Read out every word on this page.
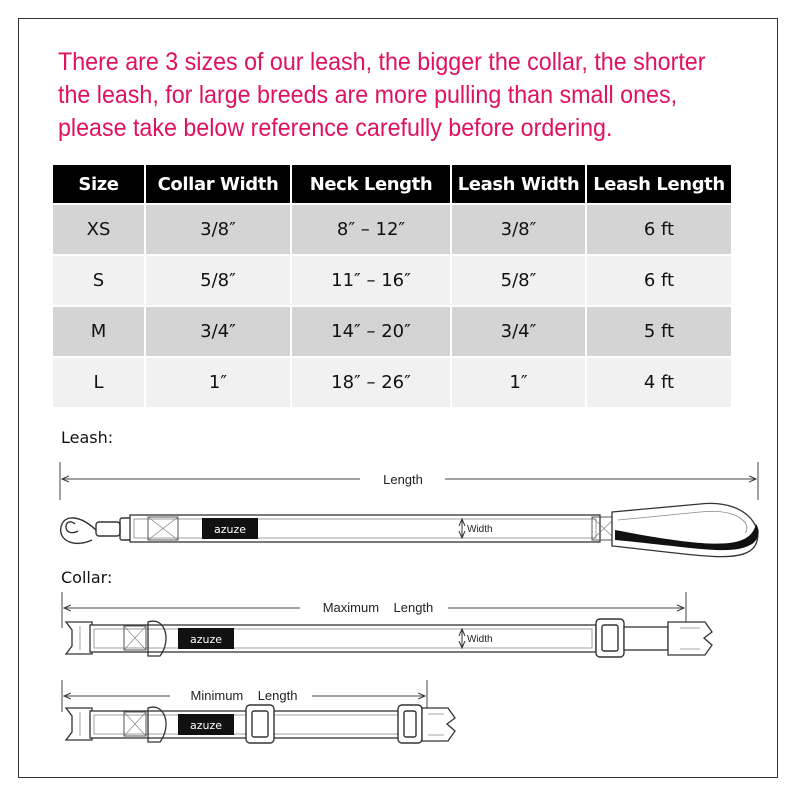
There are 3 sizes of our leash, the bigger the collar, the shorter
the leash, for large breeds are more pulling than small ones,
please take below reference carefully before ordering.
Size	Collar Width	Neck Length	Leash Width	Leash Length
XS	3/8″	8″ – 12″	3/8″	6 ft
S	5/8″	11″ – 16″	5/8″	6 ft
M	3/4″	14″ – 20″	3/4″	5 ft
L	1″	18″ – 26″	1″	4 ft
Leash:
Collar:
Length
azuze	Width
Maximum    Length
azuze	Width
Minimum    Length
azuze
